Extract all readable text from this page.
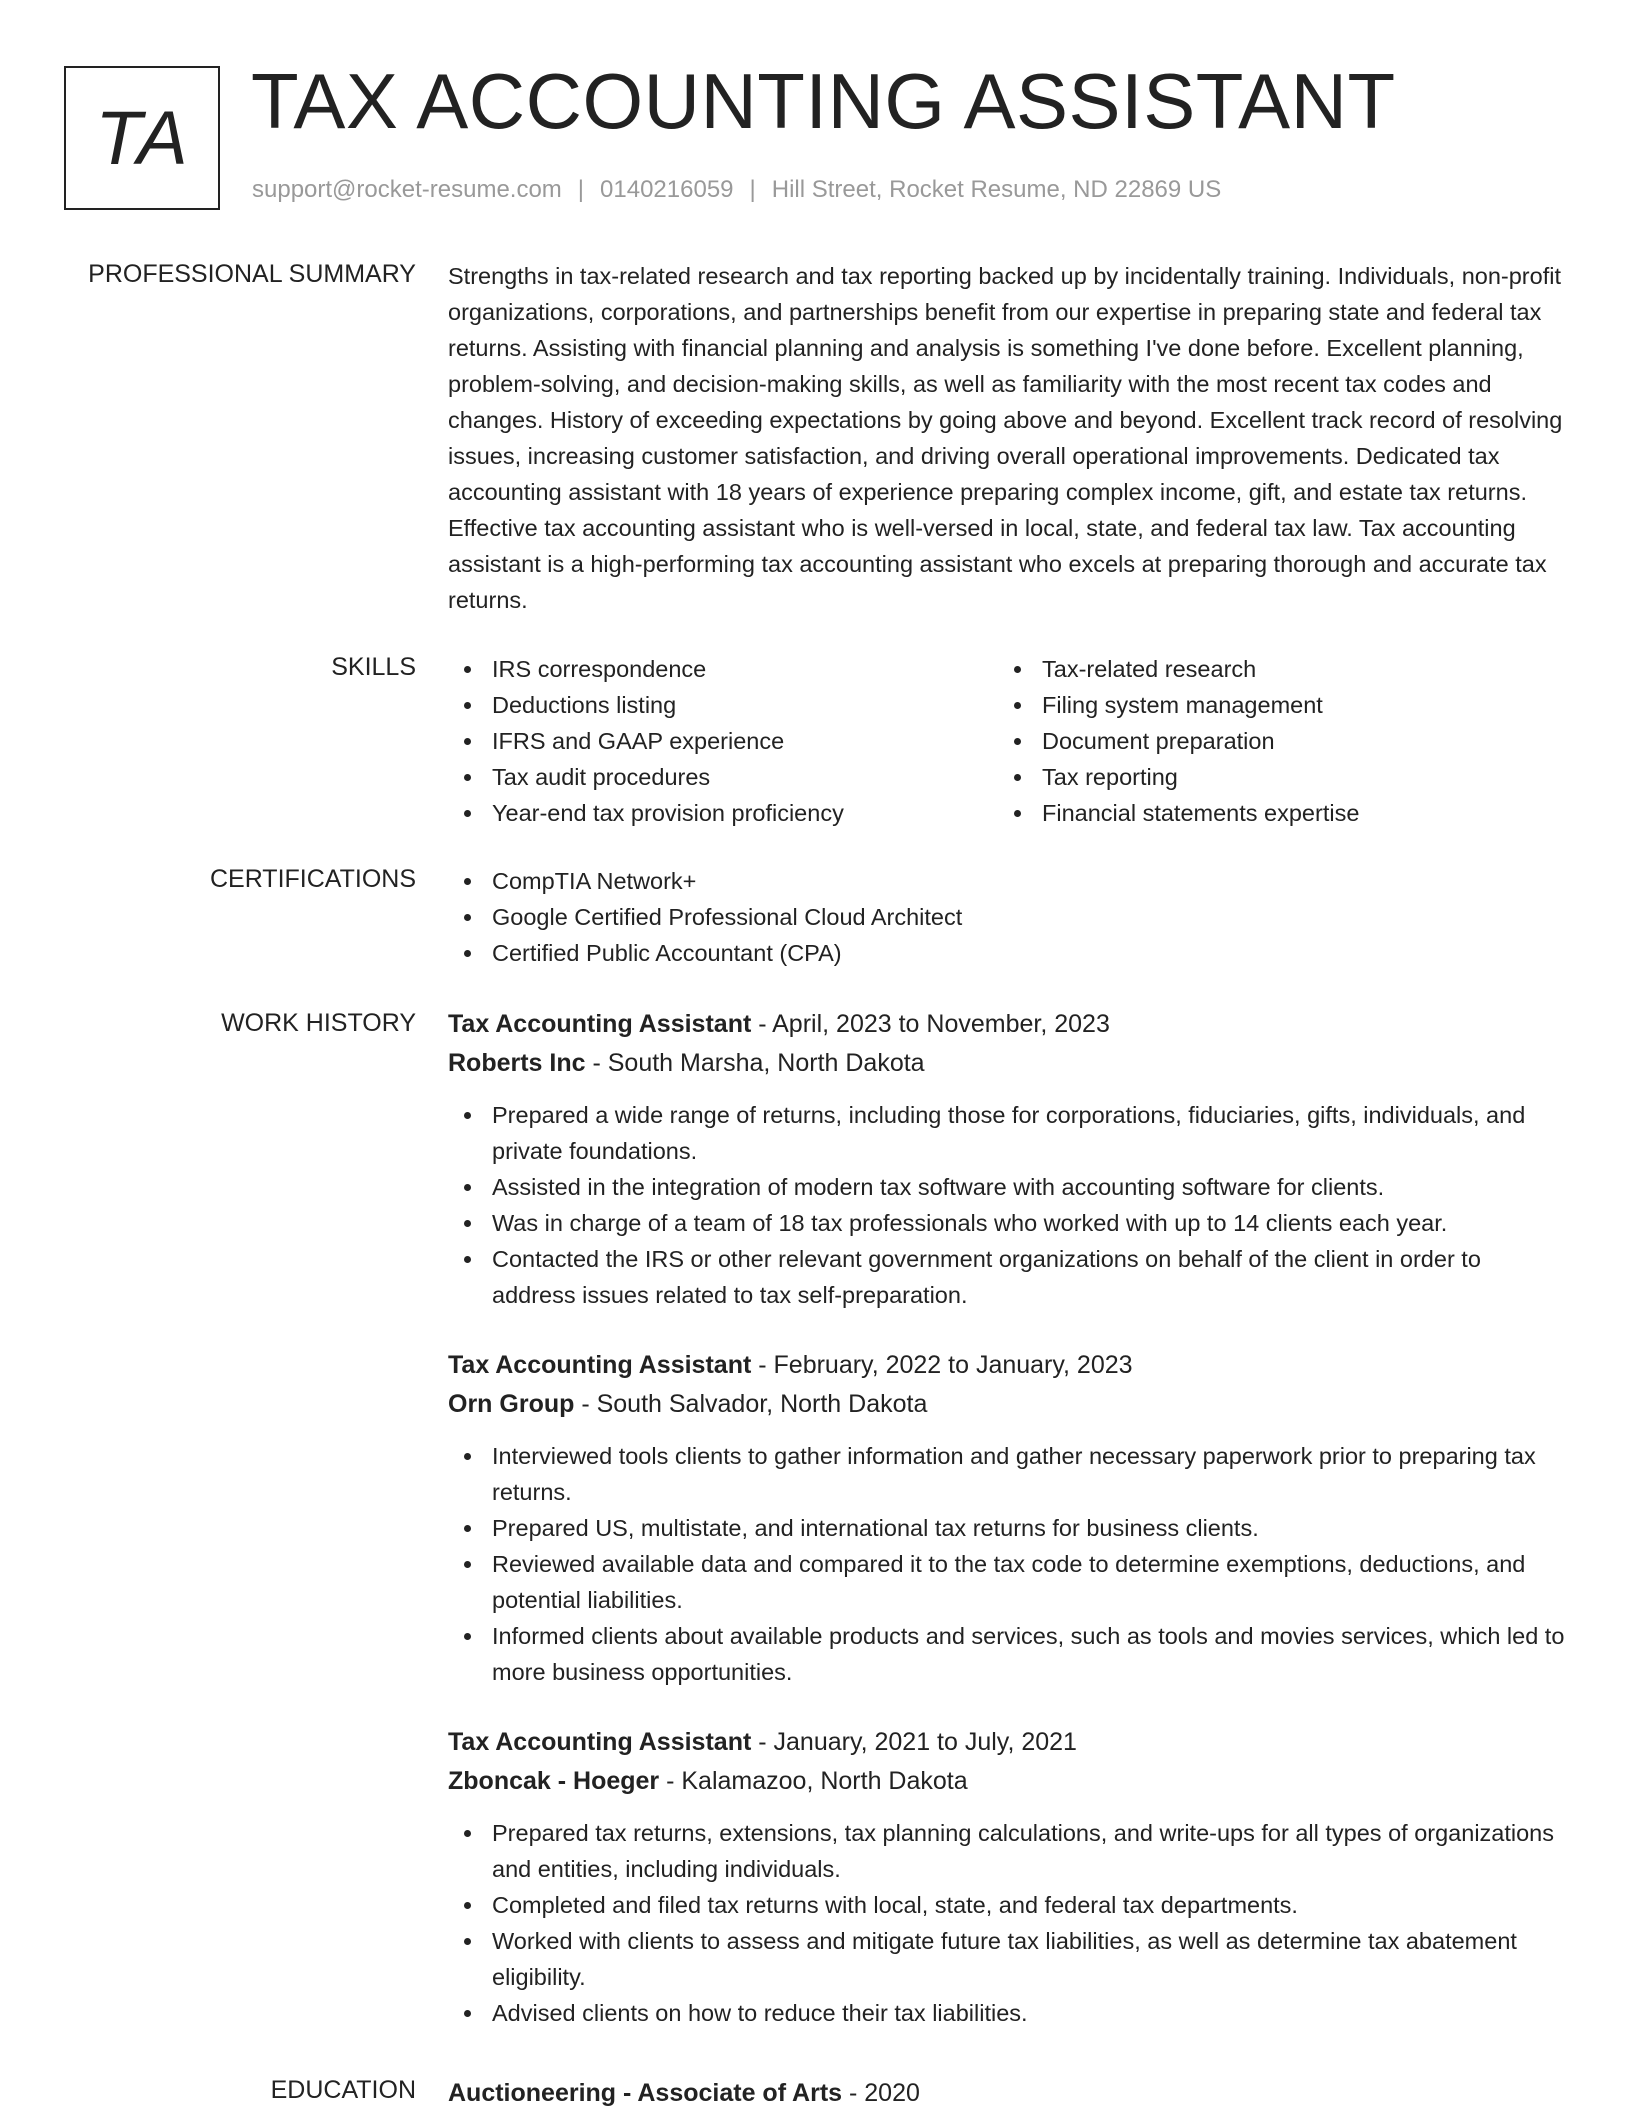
TA TAX ACCOUNTING ASSISTANT
support@rocket-resume.com | 0140216059 | Hill Street, Rocket Resume, ND 22869 US
PROFESSIONAL SUMMARY Strengths in tax-related research and tax reporting backed up by incidentally training. Individuals, non-profit organizations, corporations, and partnerships benefit from our expertise in preparing state and federal tax returns. Assisting with financial planning and analysis is something I've done before. Excellent planning, problem-solving, and decision-making skills, as well as familiarity with the most recent tax codes and changes. History of exceeding expectations by going above and beyond. Excellent track record of resolving issues, increasing customer satisfaction, and driving overall operational improvements. Dedicated tax accounting assistant with 18 years of experience preparing complex income, gift, and estate tax returns. Effective tax accounting assistant who is well-versed in local, state, and federal tax law. Tax accounting assistant is a high-performing tax accounting assistant who excels at preparing thorough and accurate tax returns.

SKILLS	IRS correspondence
Deductions listing
IFRS and GAAP experience
Tax audit procedures
Year-end tax provision proficiency
Tax-related research
Filing system management
Document preparation
Tax reporting
Financial statements expertise
CERTIFICATIONS	CompTIA Network+
Google Certified Professional Cloud Architect
Certified Public Accountant (CPA)
WORK HISTORY Tax Accounting Assistant - April, 2023 to November, 2023
Roberts Inc - South Marsha, North Dakota
Prepared a wide range of returns, including those for corporations, fiduciaries, gifts, individuals, and private foundations.
Assisted in the integration of modern tax software with accounting software for clients.
Was in charge of a team of 18 tax professionals who worked with up to 14 clients each year.
Contacted the IRS or other relevant government organizations on behalf of the client in order to address issues related to tax self-preparation.
Tax Accounting Assistant - February, 2022 to January, 2023
Orn Group - South Salvador, North Dakota
Interviewed tools clients to gather information and gather necessary paperwork prior to preparing tax returns.
Prepared US, multistate, and international tax returns for business clients.
Reviewed available data and compared it to the tax code to determine exemptions, deductions, and potential liabilities.
Informed clients about available products and services, such as tools and movies services, which led to more business opportunities.
Tax Accounting Assistant - January, 2021 to July, 2021
Zboncak - Hoeger - Kalamazoo, North Dakota
Prepared tax returns, extensions, tax planning calculations, and write-ups for all types of organizations and entities, including individuals.
Completed and filed tax returns with local, state, and federal tax departments.
Worked with clients to assess and mitigate future tax liabilities, as well as determine tax abatement eligibility.
Advised clients on how to reduce their tax liabilities.
EDUCATION Auctioneering - Associate of Arts - 2020
